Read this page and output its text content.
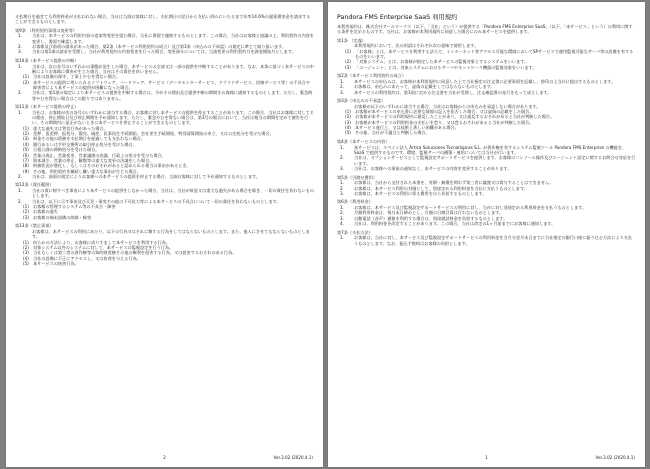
支払期日を過ぎても利用料金が支払われない場合、当社は当該お客様に対し、支払期日の翌日から支払い済みにいたるまで年率14.6%の遅延損害金を請求することができるものとします。
第9条 （利用契約事項の変更等）
1.	当社は、本サービスの利用内容の追加等変更を望む場合、当社に書面で連絡するものとします。この場合、当社はお客様と協議の上、利用契約の内容を変更し、書面で確認します。
2.	お客様及び前項の請求があった場合、第2条（本サービス利用契約の成立）及び第3条（申込みの不承認）の規定に準じて取り扱います。
3.	当社は第1項の請求を受理し、当社が利用契約の内容変更を行った場合、変更部分については、当該変更の利用契約月を課金開始月とします。
第10条（本サービス提供の中断）
1.	当社は、次の各号のいずれかの事態が発生した場合、本サービスの全部又は一部の提供を中断することがあります。なお、本条に基づく本サービスの中断によりお客様に損害が生じた場合、当社はその責任を負いません。
(1) 当社の設備の保守、工事上やむを得ない場合。
(2) 本サービスの提供に用いられるソフトウェア、ハードウェア、サービス（データセンターサービス、クラウドサービス、回線サービス等）の不具合や障害等により本サービスの提供が困難になった場合。
2.	当社は、第1項の規定により本サービスの提供を中断する場合は、予めその理由及び提供中断の期間をお客様に通知するものとします。ただし、緊急時等やむを得ない場合はこの限りではありません。
第11条（本サービス提供の停止）
1.	当社は、お客様が次の各号のいずれかに該当する場合、お客様に対し本サービスの提供を停止することがあります。この場合、当社はお客様に対してその理由、停止開始日及び停止期間を予め通知します。ただし、緊急やむを得ない場合は、第3号の場合において、当社は相当の期間を定めて催告を行い、その期間内に是正がないときに本サービスを停止することができるものとします。
(1) 重大な過失又は背信行為があった場合。
(2) 差押、仮差押、仮処分、競売、破産、民事再生手続開始、会社更生手続開始、特別清算開始の申立、又は公売処分を受けた場合。
(3) 料金その他の債務を支払期日を経過しても支払わない場合。
(4) 銀行あるいは手形交換所の取引停止処分を受けた場合。
(5) 公租公課の滞納処分を受けた場合。
(6) 営業の廃止、営業変更、営業譲渡の決議、行政上の処分を受けた場合。
(7) 資本減少、営業の停止、解散等の重大な変更の決議をした場合。
(8) 財務状況が悪化し、もしくはそのおそれがあると認められる相当の事由があるとき。
(9) その他、利用契約を継続し難い重大な事由が生じた場合。
2.	当社は、前項の規定によりお客様への本サービスの提供を停止する場合、当該お客様に対して予め通知するものとします。
第12条（責任範囲）
1.	当社の責に帰すべき事由により本サービスの提供をしなかった場合、当社は、当社が故意又は重大な過失がある場合を除き、一切の責任を負わないものとします。
2.	当社は、以下に示す事由及び天災・事変その他の不可抗力等による本サービスの不具合について一切の責任を負わないものとします。
(1) お客様の管理するシステム等の不具合・障害
(2) お客様の過失
(3) お客様の端末設備の故障・障害
第13条（禁止事項）
お客様は、本サービスの利用にあたり、以下の行為又はそれに類する行為をしてはならないものとします。また、他人にさせてもならないものとします。
(1) 何らかの方法により、お客様に成りすまして本サービスを利用する行為。
(2) 対象システム以外のシステムに対して、本サービスの監視設定を行う行為。
(3) 当社もしくは第三者の著作権等の知的財産権その他の権利を侵害する行為、又は侵害するおそれのある行為。
(4) 当社の設備に不正にアクセスし、又は負荷を与える行為。
(5) 本サービスの妨害行為。
2	Ver.3.02 (2020.4.1)
Pandora FMS Enterprise SaaS 利用規約
本利用規約は、株式会社アールワークス（以下、「当社」という）が提供する「Pandora FMS Enterprise SaaS」（以下、「本サービス」という）の利用に関する条件を定めるものです。当社は、お客様が本利用規約に同意した場合にのみ本サービスを提供します。
第1条 （定義）
本利用規約において、次の用語はそれぞれ次の意味で使用します。
(1) 「お客様」とは、本サービスを利用する法人で、インターネット等アクセス可能な環境においてSPサービスで運用監視可能なサーバ等の設備を有するものをいいます。
(2) 「対象システム」とは、お客様が指定した本サービスの監視対象とするシステムをいいます。
(3) 「エージェント」とは、対象システムにおけるサーバやネットワーク機器の監視対象をいいます。
第2条（本サービス利用契約の成立）
1.	本サービスの申込みは、お客様が本利用規約に同意した上で当社指定の注文書に必要事項を記載し、捺印の上当社に提出するものとします。
2.	お客様は、申込みにあたって、虚偽の記載をしてはならないものとします。
3.	本サービスの利用契約は、第1項に定める注文書を当社が受理し、注文確認書の発行をもって成立します。
第3条（申込みの不承認）
お客様が以下のいずれかに該当する場合、当社はお客様からの申込みを承認しない場合があります。
(1) お客様が本サービスの申込書に必要な情報の記入を拒否した場合、又は虚偽の記載をした場合。
(2) お客様が本サービスの利用規約に違反したことがあり、又は違反するおそれがあると当社が判断した場合。
(3) お客様が本サービスの利用料金の支払いを怠り、又は怠るおそれがあると当社が判断した場合。
(4) 本サービス遂行上、又は技術上著しい困難がある場合。
(5) その他、当社が不適当と判断した場合。
第4条（本サービスの内容）
1.	本サービスは、スペイン法人 Ártica Soluciones Tecnológicas S.L. が著作権を有するシステム監視ツール Pandora FMS Enterprise の機能を、SaaS で提供するものです。環境、監視サーバの構築・運用については当社が行います。
2.	当社は、オプションサービスとして監視設定サポートサービスを提供します。お客様のコンソール操作及びエージェント設定に関するお問合せ対応を行います。
3.	当社は、お客様への事前の通知なく、本サービスの内容を変更することがあります。
第5条（引渡せ費用）
1.	お客様は、当社から交付された本書を、有償・無償を問わず第三者に譲渡又は貸与することはできません。
2.	お客様は、本サービス利用の対価として、別途定める利用料金を当社に支払うものとします。
3.	お客様は、本サービスの利用に係る費用を自ら負担するものとします。
第6条（利用料金）
1.	お客様は、本サービス及び監視設定サポートサービスの利用に対し、当社に対し別途定める利用料金を支払うものとします。
2.	月額利用料金は、毎月末日締めとし、月額の日割計算は行わないものとします。
3.	自動電話（音声）通報を利用する場合は、別途通話料金を負担するものとします。
4.	当社は、利用料金を改定することがあります。この場合、当社は改定の1ヶ月前までにお客様に通知します。
第7条（支払方法）
1.	お客様は、当社に対し、本サービス及び監視設定サポートサービスの利用料金を当月分翌月末日までに当社指定の銀行口座に振り込む方法により支払うものとします。なお、振込手数料はお客様の負担とします。
1	Ver.3.02 (2020.4.1)
